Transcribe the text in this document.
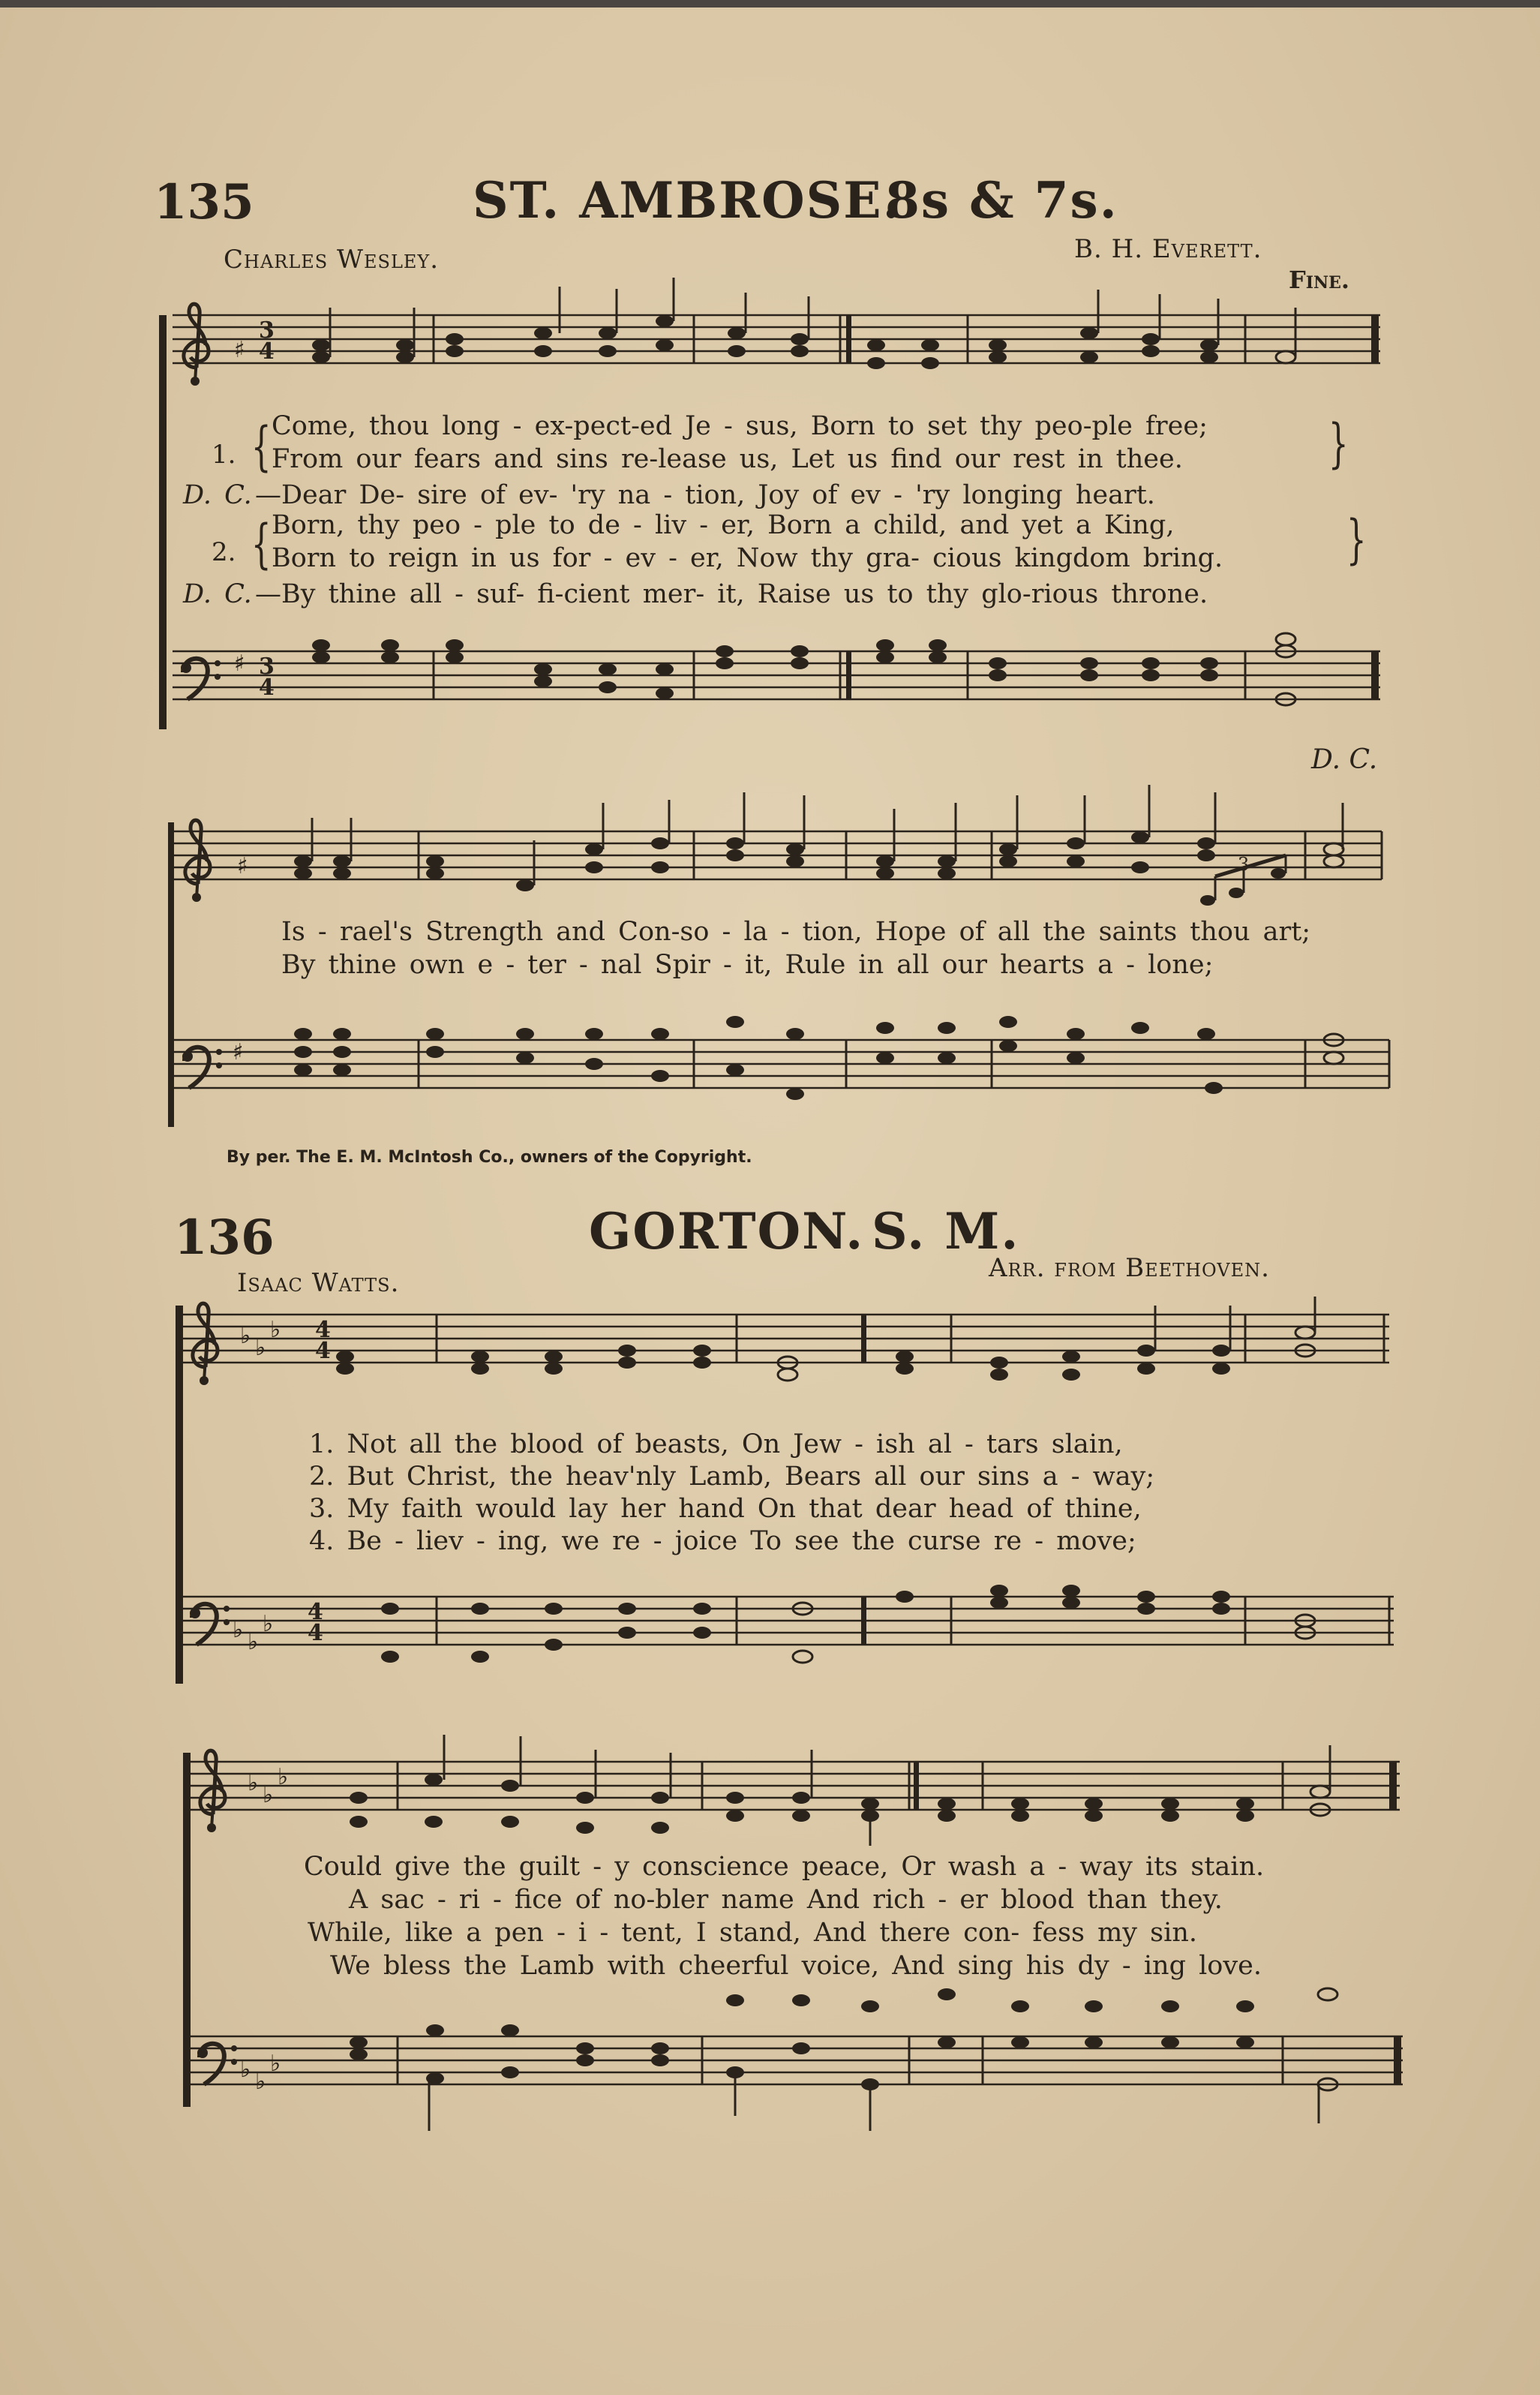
135	ST. AMBROSE.
8s & 7s.
Charles Wesley.	B. H. Everett.
Fine.
1. { Come, thou long - ex-pect-ed Je - sus, Born to set thy peo-ple free;
From our fears and sins re-lease us, Let us find our rest in thee.	}
D. C. —Dear De- sire of ev- 'ry na - tion, Joy of ev - 'ry longing heart.
2. { Born, thy peo - ple to de - liv - er, Born a child, and yet a King,
Born to reign in us for - ev - er, Now thy gra- cious kingdom bring. }
D. C. —By thine all - suf- fi-cient mer- it, Raise us to thy glo-rious throne.
D. C.
Is - rael's Strength and Con-so - la - tion, Hope of all the saints thou art;
By thine own e - ter - nal Spir - it, Rule in all our hearts a - lone;
By per. The E. M. McIntosh Co., owners of the Copyright.
136	GORTON. S. M.
Isaac Watts.	Arr. from Beethoven.
1. Not all the blood of beasts, On Jew - ish al - tars slain,
2. But Christ, the heav'nly Lamb, Bears all our sins a - way;
3. My faith would lay her hand On that dear head of thine,
4. Be - liev - ing, we re - joice To see the curse re - move;
Could give the guilt - y conscience peace, Or wash a - way its stain.
A sac - ri - fice of no-bler name And rich - er blood than they.
While, like a pen - i - tent, I stand, And there con- fess my sin.
We bless the Lamb with cheerful voice, And sing his dy - ing love.
3
4
3
4
♯
♯
♯
♯
3
♭ ♭
♭
♭ ♭
♭
4
4
4
4
♭ ♭
♭
♭ ♭
♭
